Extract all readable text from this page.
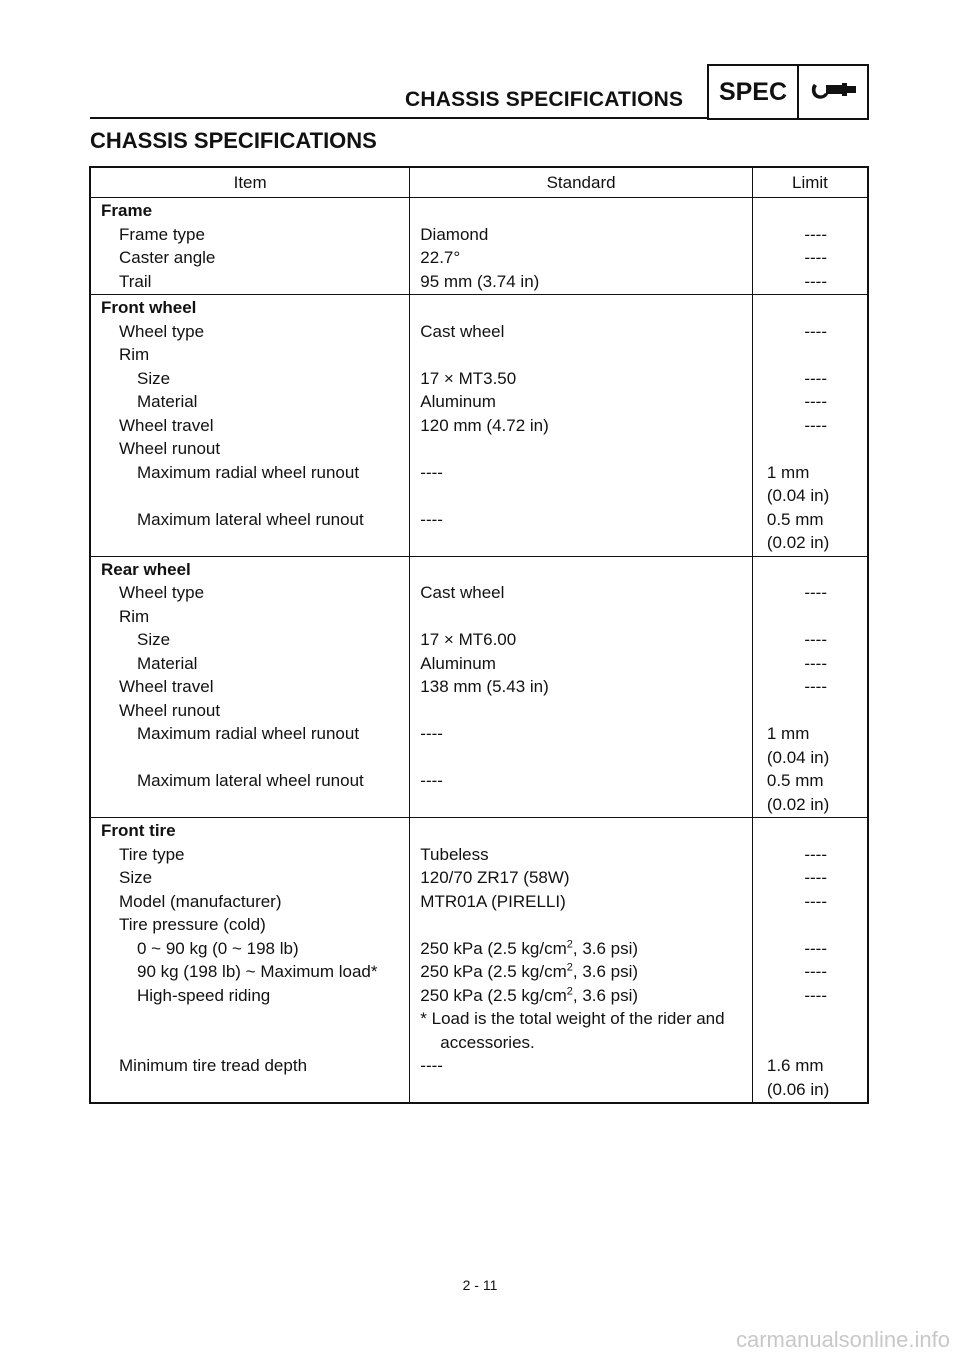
CHASSIS SPECIFICATIONS	SPEC
CHASSIS SPECIFICATIONS
Item	Standard	Limit
Frame		
Frame type	Diamond	----
Caster angle	22.7°	----
Trail	95 mm (3.74 in)	----
Front wheel		
Wheel type	Cast wheel	----
Rim		
Size	17 × MT3.50	----
Material	Aluminum	----
Wheel travel	120 mm (4.72 in)	----
Wheel runout		
Maximum radial wheel runout	----	1 mm
(0.04 in)
Maximum lateral wheel runout	----	0.5 mm
(0.02 in)
Rear wheel		
Wheel type	Cast wheel	----
Rim		
Size	17 × MT6.00	----
Material	Aluminum	----
Wheel travel	138 mm (5.43 in)	----
Wheel runout		
Maximum radial wheel runout	----	1 mm
(0.04 in)
Maximum lateral wheel runout	----	0.5 mm
(0.02 in)
Front tire		
Tire type	Tubeless	----
Size	120/70 ZR17 (58W)	----
Model (manufacturer)	MTR01A (PIRELLI)	----
Tire pressure (cold)		
0 ~ 90 kg (0 ~ 198 lb)	250 kPa (2.5 $kg/cm^2$, 3.6 psi)	----
90 kg (198 lb) ~ Maximum load*	250 kPa (2.5 $kg/cm^2$, 3.6 psi)	----
High-speed riding	250 kPa (2.5 $kg/cm^2$, 3.6 psi)	----

	* Load is the total weight of the rider and accessories.	

Minimum tire tread depth	----	1.6 mm
(0.06 in)
2 - 11
carmanualsonline.info
